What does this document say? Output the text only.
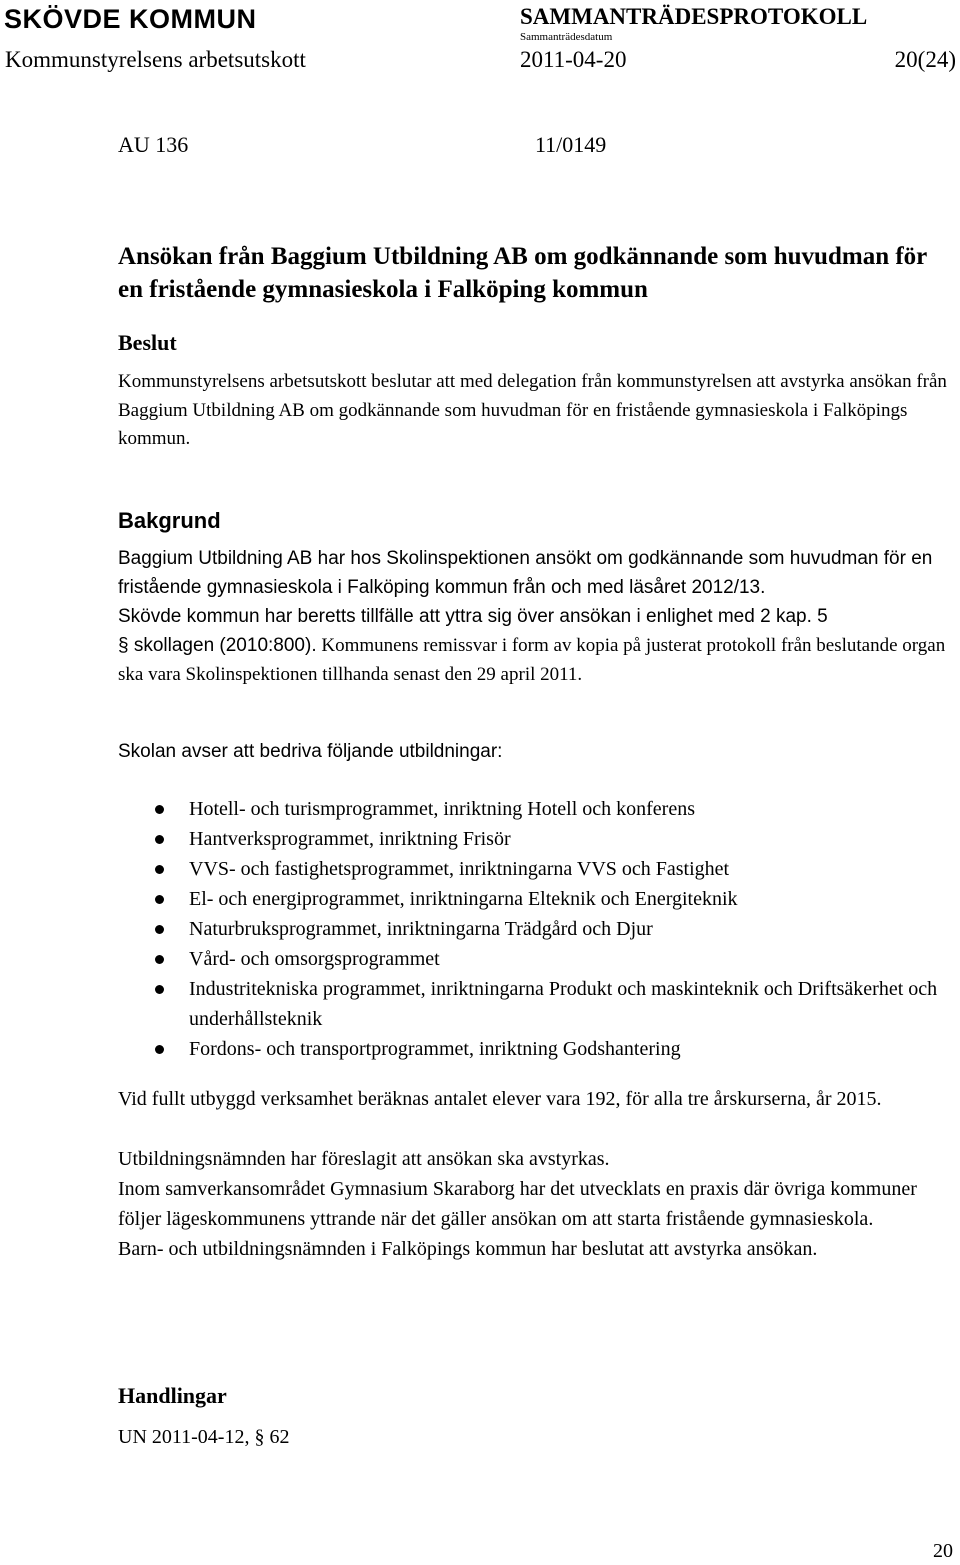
SKÖVDE KOMMUN	SAMMANTRÄDESPROTOKOLL
Sammanträdesdatum
Kommunstyrelsens arbetsutskott	2011-04-20	20(24)
AU 136	11/0149
Ansökan från Baggium Utbildning AB om godkännande som huvudman för en fristående gymnasieskola i Falköping kommun
Beslut
Kommunstyrelsens arbetsutskott beslutar att med delegation från kommunstyrelsen att avstyrka ansökan från Baggium Utbildning AB om godkännande som huvudman för en fristående gymnasieskola i Falköpings kommun.
Bakgrund

Baggium Utbildning AB har hos Skolinspektionen ansökt om godkännande som huvudman för en fristående gymnasieskola i Falköping kommun från och med läsåret 2012/13.

Skövde kommun har beretts tillfälle att yttra sig över ansökan i enlighet med 2 kap. 5
§ skollagen (2010:800). Kommunens remissvar i form av kopia på justerat protokoll från beslutande organ ska vara Skolinspektionen tillhanda senast den 29 april 2011.

Skolan avser att bedriva följande utbildningar:
Hotell- och turismprogrammet, inriktning Hotell och konferens
Hantverksprogrammet, inriktning Frisör
VVS- och fastighetsprogrammet, inriktningarna VVS och Fastighet
El- och energiprogrammet, inriktningarna Elteknik och Energiteknik
Naturbruksprogrammet, inriktningarna Trädgård och Djur
Vård- och omsorgsprogrammet
Industritekniska programmet, inriktningarna Produkt och maskinteknik och Driftsäkerhet och underhållsteknik
Fordons- och transportprogrammet, inriktning Godshantering

Vid fullt utbyggd verksamhet beräknas antalet elever vara 192, för alla tre årskurserna, år 2015.

Utbildningsnämnden har föreslagit att ansökan ska avstyrkas.

Inom samverkansområdet Gymnasium Skaraborg har det utvecklats en praxis där övriga kommuner följer lägeskommunens yttrande när det gäller ansökan om att starta fristående gymnasieskola.

Barn- och utbildningsnämnden i Falköpings kommun har beslutat att avstyrka ansökan.

Handlingar
UN 2011-04-12, § 62
20
